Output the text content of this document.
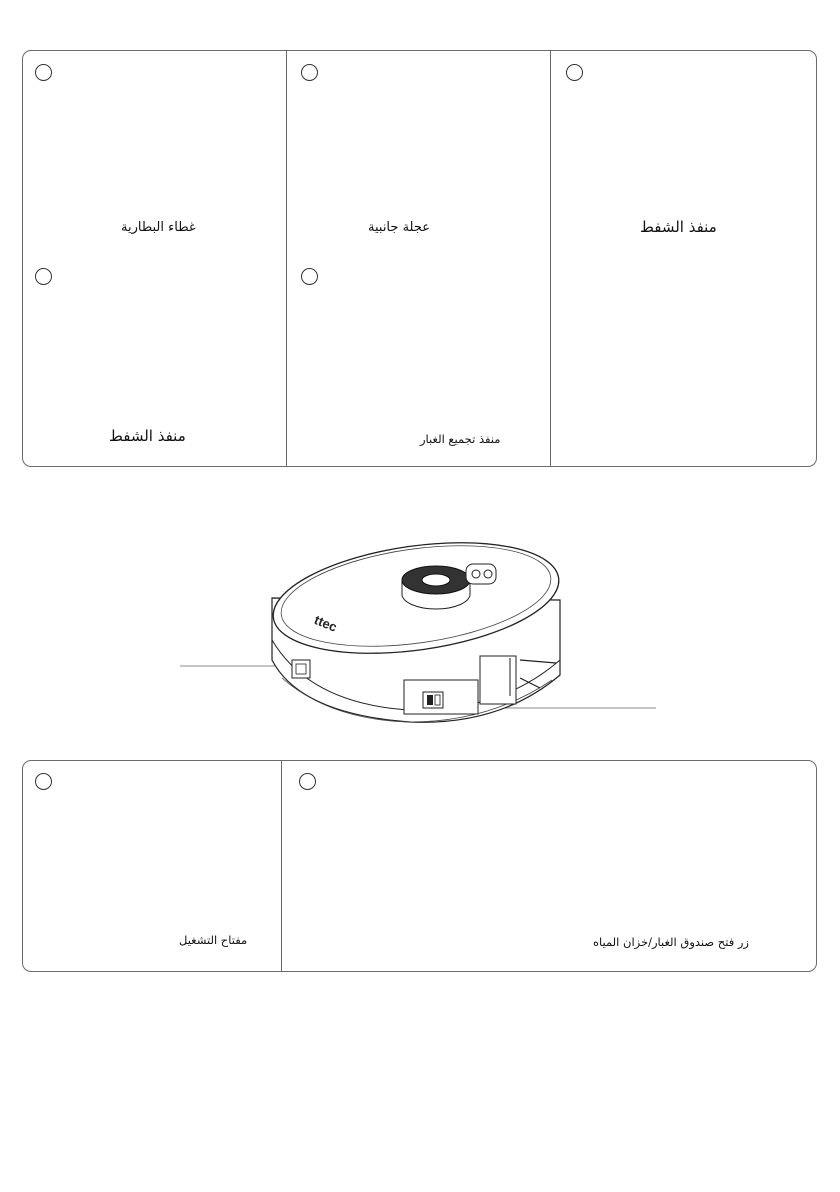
غطاء البطارية	عجلة جانبية	منفذ الشفط
منفذ الشفط	منفذ تجميع الغبار
ttec
مفتاح التشغيل	زر فتح صندوق الغبار/خزان المياه
